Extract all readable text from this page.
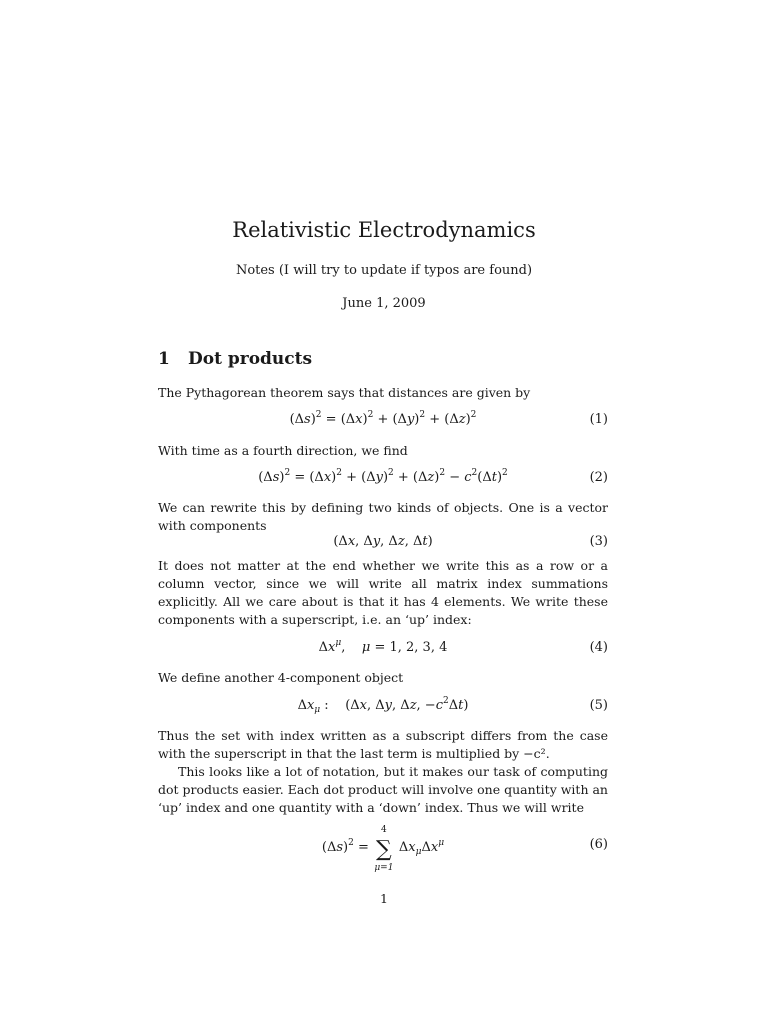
Relativistic Electrodynamics
Notes (I will try to update if typos are found)
June 1, 2009
1 Dot products
The Pythagorean theorem says that distances are given by
$(\Delta s)^2 = (\Delta x)^2 + (\Delta y)^2 + (\Delta z)^2$	(1)
With time as a fourth direction, we find
$(\Delta s)^2 = (\Delta x)^2 + (\Delta y)^2 + (\Delta z)^2 - c^2(\Delta t)^2$	(2)
We can rewrite this by defining two kinds of objects. One is a vector with components
(Δx, Δy, Δz, Δt)	(3)
It does not matter at the end whether we write this as a row or a column vector, since we will write all matrix index summations explicitly. All we care about is that it has 4 elements. We write these components with a superscript, i.e. an ‘up’ index:
$\Delta x^\mu$,    μ = 1, 2, 3, 4	(4)
We define another 4-component object
$\Delta x_\mu$ :    (Δx, Δy, Δz, $-c^2\Delta t$)	(5)
Thus the set with index written as a subscript differs from the case with the superscript in that the last term is multiplied by −c².
This looks like a lot of notation, but it makes our task of computing dot products easier. Each dot product will involve one quantity with an ‘up’ index and one quantity with a ‘down’ index. Thus we will write
$(\Delta s)^2$ = ∑
4
μ=1
$\Delta x_\mu\Delta x^\mu$	(6)
1
